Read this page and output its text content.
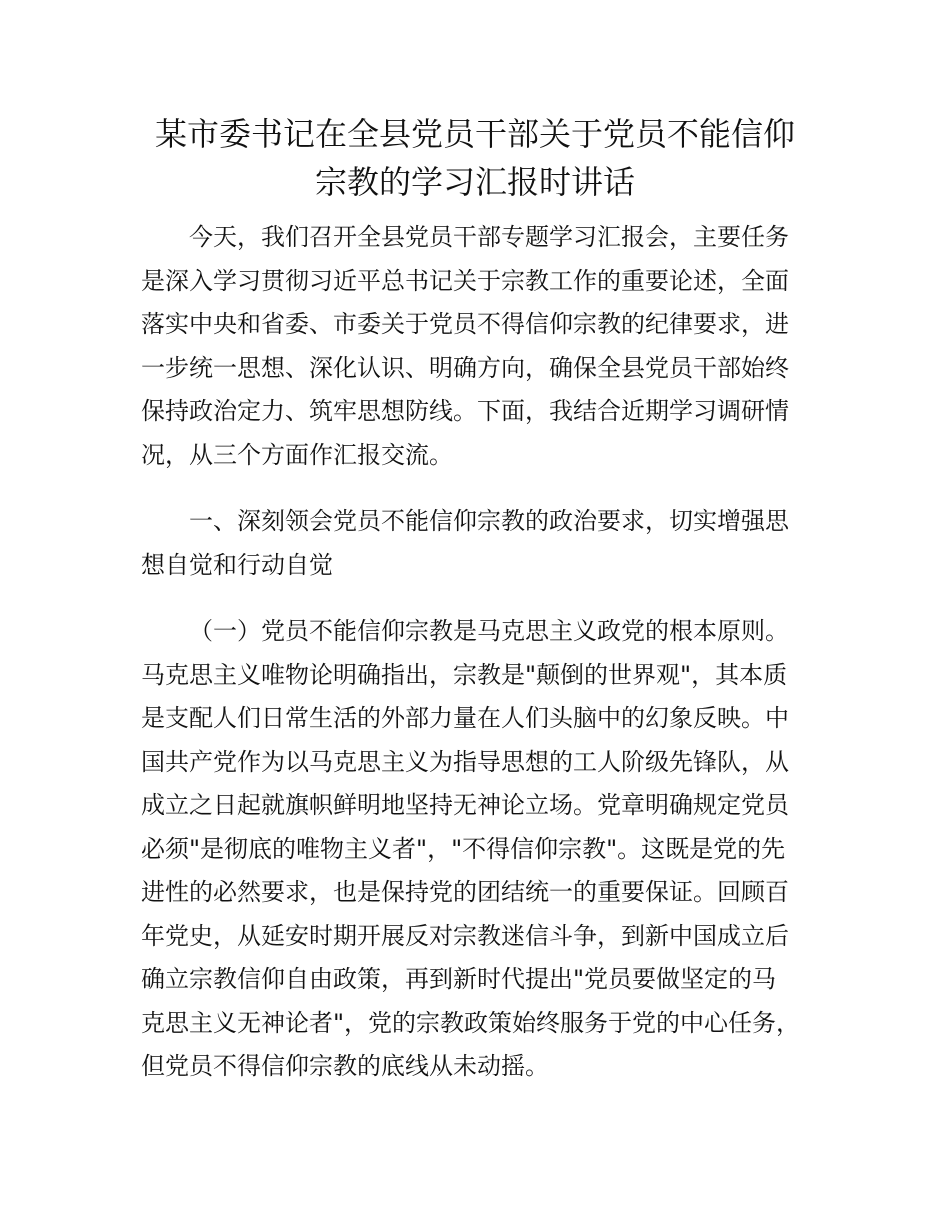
某市委书记在全县党员干部关于党员不能信仰
宗教的学习汇报时讲话

今天，我们召开全县党员干部专题学习汇报会，主要任务
是深入学习贯彻习近平总书记关于宗教工作的重要论述，全面
落实中央和省委、市委关于党员不得信仰宗教的纪律要求，进
一步统一思想、深化认识、明确方向，确保全县党员干部始终
保持政治定力、筑牢思想防线。下面，我结合近期学习调研情
况，从三个方面作汇报交流。

一、深刻领会党员不能信仰宗教的政治要求，切实增强思
想自觉和行动自觉

（一）党员不能信仰宗教是马克思主义政党的根本原则。
马克思主义唯物论明确指出，宗教是"颠倒的世界观"，其本质
是支配人们日常生活的外部力量在人们头脑中的幻象反映。中
国共产党作为以马克思主义为指导思想的工人阶级先锋队，从
成立之日起就旗帜鲜明地坚持无神论立场。党章明确规定党员
必须"是彻底的唯物主义者"，"不得信仰宗教"。这既是党的先
进性的必然要求，也是保持党的团结统一的重要保证。回顾百
年党史，从延安时期开展反对宗教迷信斗争，到新中国成立后
确立宗教信仰自由政策，再到新时代提出"党员要做坚定的马
克思主义无神论者"，党的宗教政策始终服务于党的中心任务，
但党员不得信仰宗教的底线从未动摇。
